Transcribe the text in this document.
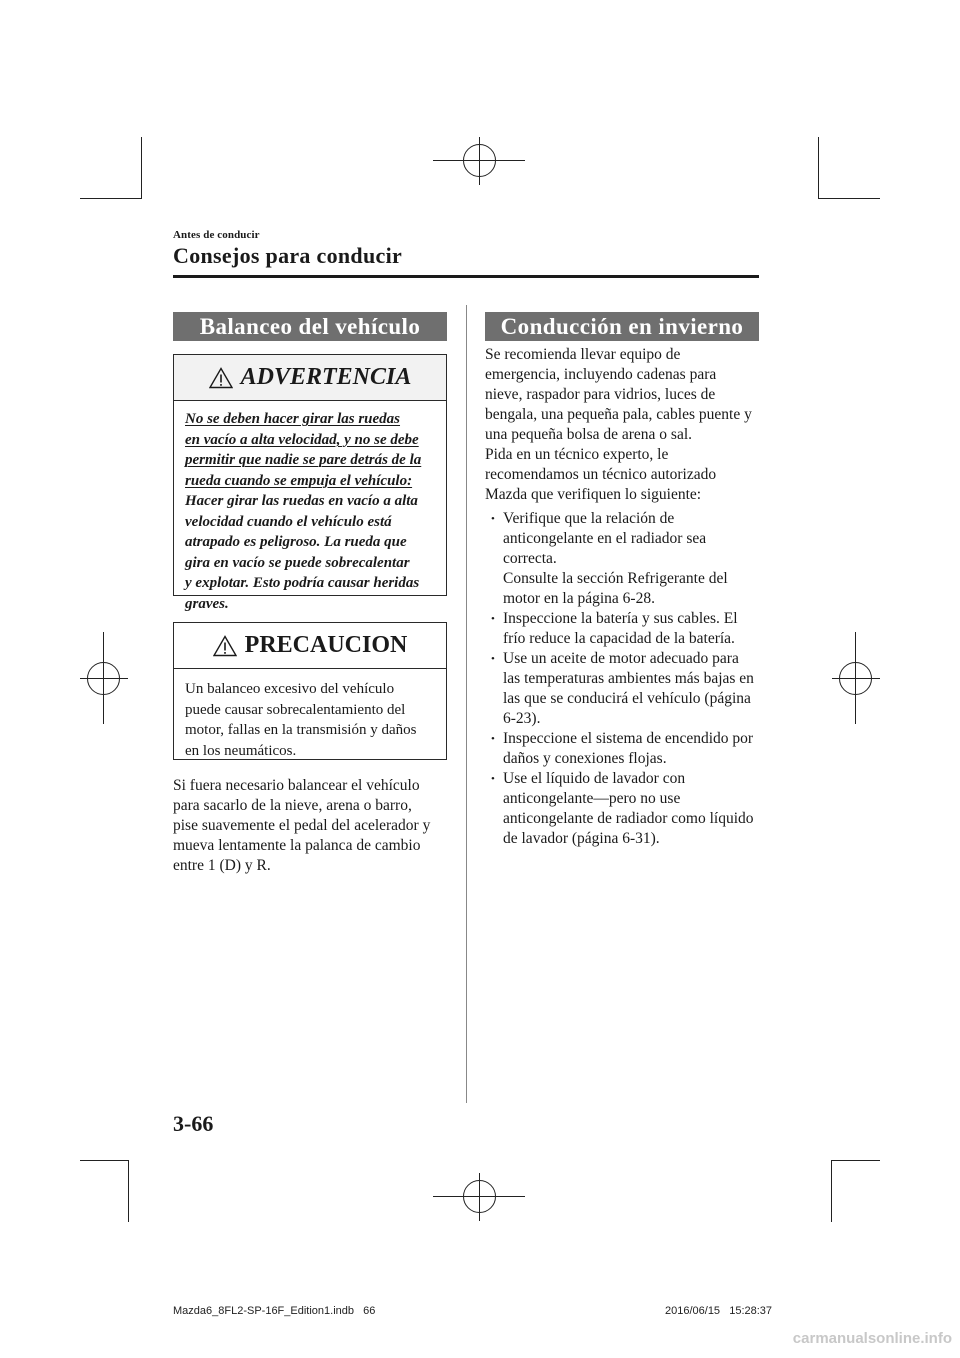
Antes de conducir
Consejos para conducir
Balanceo del vehículo
ADVERTENCIA
No se deben hacer girar las ruedas
en vacío a alta velocidad, y no se debe
permitir que nadie se pare detrás de la
rueda cuando se empuja el vehículo:
Hacer girar las ruedas en vacío a alta
velocidad cuando el vehículo está
atrapado es peligroso. La rueda que
gira en vacío se puede sobrecalentar
y explotar. Esto podría causar heridas
graves.
PRECAUCION
Un balanceo excesivo del vehículo
puede causar sobrecalentamiento del
motor, fallas en la transmisión y daños
en los neumáticos.
Si fuera necesario balancear el vehículo
para sacarlo de la nieve, arena o barro,
pise suavemente el pedal del acelerador y
mueva lentamente la palanca de cambio
entre 1 (D) y R.
Conducción en invierno
Se recomienda llevar equipo de
emergencia, incluyendo cadenas para
nieve, raspador para vidrios, luces de
bengala, una pequeña pala, cables puente y
una pequeña bolsa de arena o sal.
Pida en un técnico experto, le
recomendamos un técnico autorizado
Mazda que verifiquen lo siguiente:
• Verifique que la relación de
anticongelante en el radiador sea
correcta.
Consulte la sección Refrigerante del
motor en la página 6-28.
• Inspeccione la batería y sus cables. El
frío reduce la capacidad de la batería.
• Use un aceite de motor adecuado para
las temperaturas ambientes más bajas en
las que se conducirá el vehículo (página
6-23).
• Inspeccione el sistema de encendido por
daños y conexiones flojas.
• Use el líquido de lavador con
anticongelante—pero no use
anticongelante de radiador como líquido
de lavador (página 6-31).
3-66
Mazda6_8FL2-SP-16F_Edition1.indb   66	2016/06/15   15:28:37
carmanualsonline.info
